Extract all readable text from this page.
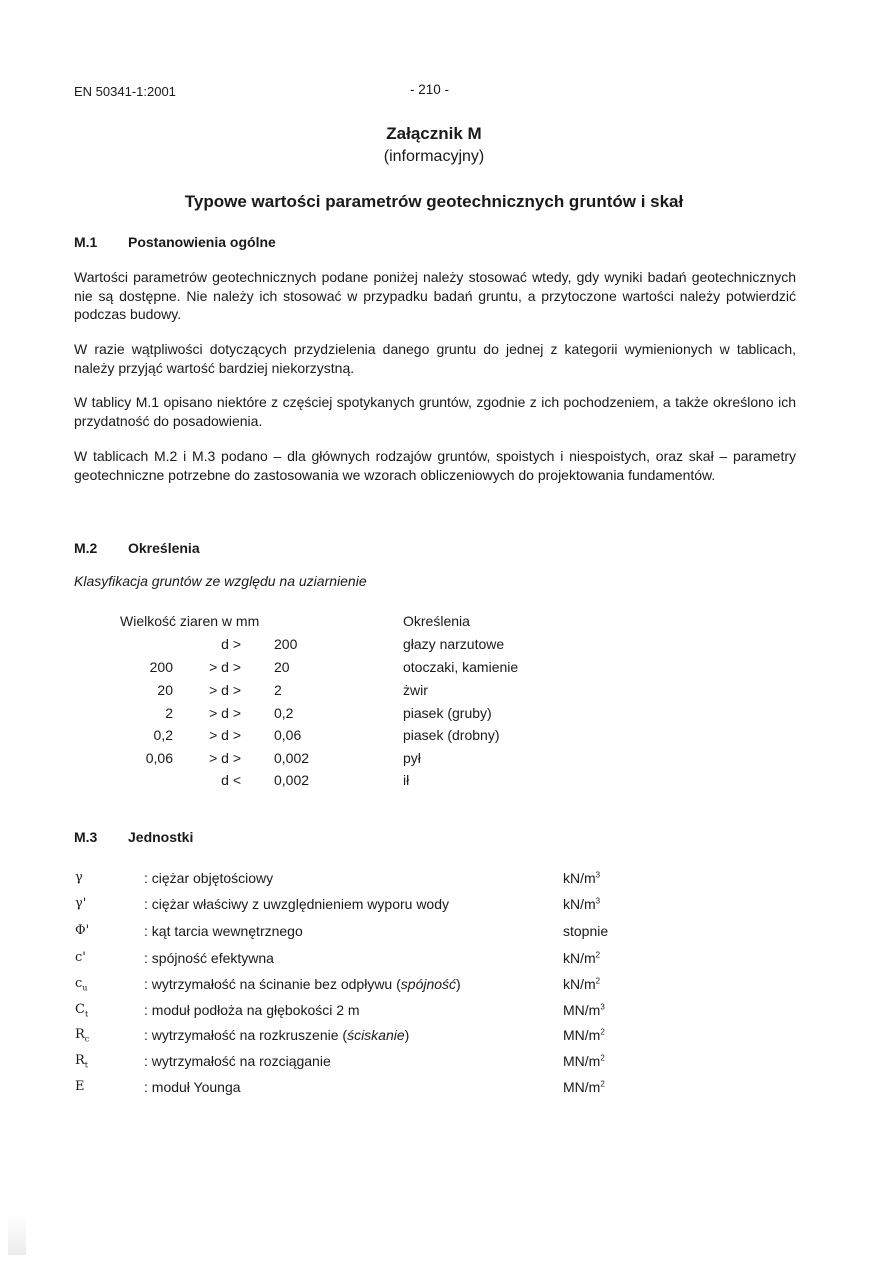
EN 50341-1:2001	- 210 -
Załącznik M
(informacyjny)
Typowe wartości parametrów geotechnicznych gruntów i skał
M.1 Postanowienia ogólne
Wartości parametrów geotechnicznych podane poniżej należy stosować wtedy, gdy wyniki badań geotechnicznych nie są dostępne. Nie należy ich stosować w przypadku badań gruntu, a przytoczone wartości należy potwierdzić podczas budowy.
W razie wątpliwości dotyczących przydzielenia danego gruntu do jednej z kategorii wymienionych w tablicach, należy przyjąć wartość bardziej niekorzystną.
W tablicy M.1 opisano niektóre z częściej spotykanych gruntów, zgodnie z ich pochodzeniem, a także określono ich przydatność do posadowienia.
W tablicach M.2 i M.3 podano – dla głównych rodzajów gruntów, spoistych i niespoistych, oraz skał – parametry geotechniczne potrzebne do zastosowania we wzorach obliczeniowych do projektowania fundamentów.
M.2 Określenia
Klasyfikacja gruntów ze względu na uziarnienie
Wielkość ziaren w mm	Określenia
d > 200	głazy narzutowe
200	> d > 20	otoczaki, kamienie
20	> d > 2	żwir
2	> d > 0,2	piasek (gruby)
0,2	> d > 0,06	piasek (drobny)
0,06	> d > 0,002	pył
d < 0,002	ił
M.3 Jednostki
γ	: ciężar objętościowy	$kN/m^3$
γ'	: ciężar właściwy z uwzględnieniem wyporu wody	$kN/m^3$
Φ'	: kąt tarcia wewnętrznego	stopnie
c'	: spójność efektywna	$kN/m^2$
$c_u$	: wytrzymałość na ścinanie bez odpływu (spójność)	$kN/m^2$
$C_t$	: moduł podłoża na głębokości 2 m	$MN/m^3$
$R_c$	: wytrzymałość na rozkruszenie (ściskanie)	$MN/m^2$
$R_t$	: wytrzymałość na rozciąganie	$MN/m^2$
E	: moduł Younga	$MN/m^2$
